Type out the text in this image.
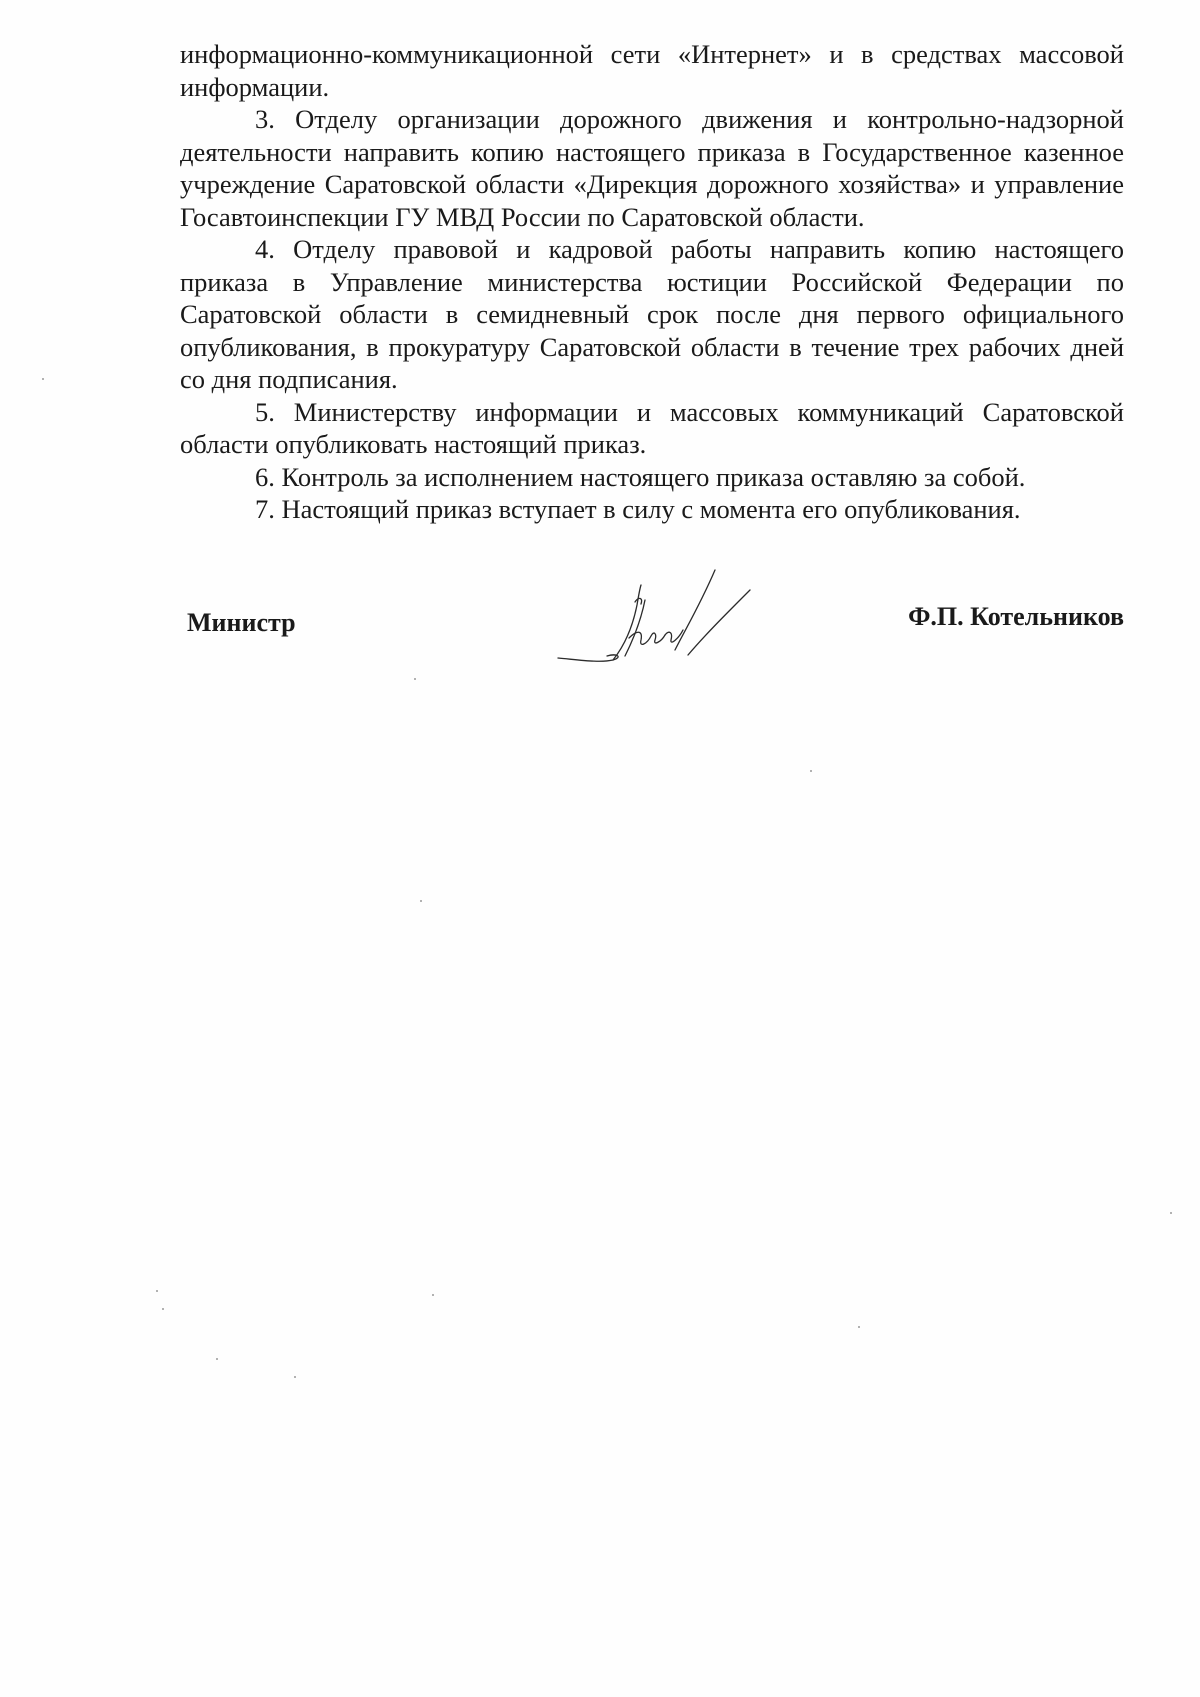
информационно-коммуникационной сети «Интернет» и в средствах массовой информации.

3. Отделу организации дорожного движения и контрольно-надзорной деятельности направить копию настоящего приказа в Государственное казенное учреждение Саратовской области «Дирекция дорожного хозяйства» и управление Госавтоинспекции ГУ МВД России по Саратовской области.

4. Отделу правовой и кадровой работы направить копию настоящего приказа в Управление министерства юстиции Российской Федерации по Саратовской области в семидневный срок после дня первого официального опубликования, в прокуратуру Саратовской области в течение трех рабочих дней со дня подписания.

5. Министерству информации и массовых коммуникаций Саратовской области опубликовать настоящий приказ.

6. Контроль за исполнением настоящего приказа оставляю за собой.

7. Настоящий приказ вступает в силу с момента его опубликования.

Министр	Ф.П. Котельников
